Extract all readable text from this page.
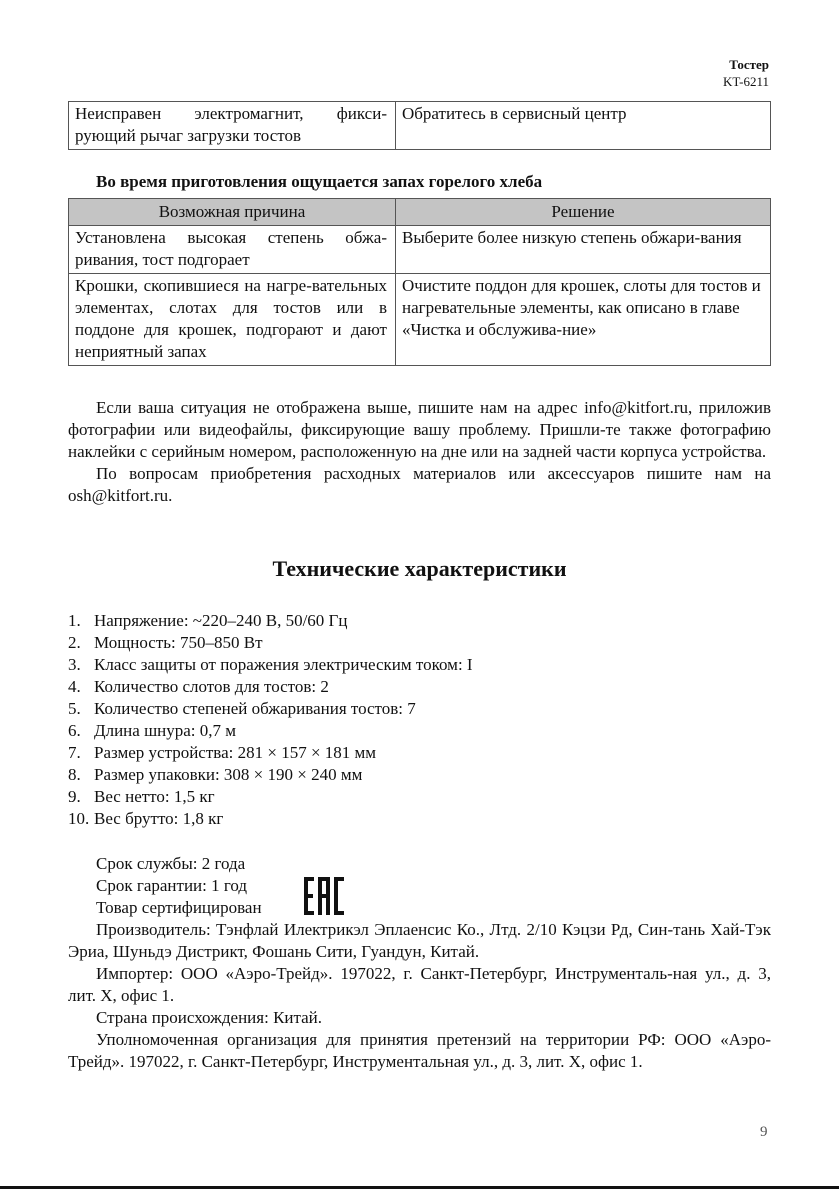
Тостер
KT-6211
Неисправен электромагнит, фикси-рующий рычаг загрузки тостов	Обратитесь в сервисный центр
Во время приготовления ощущается запах горелого хлеба
Возможная причина	Решение
Установлена высокая степень обжа-ривания, тост подгорает	Выберите более низкую степень обжари-вания
Крошки, скопившиеся на нагре-вательных элементах, слотах для тостов или в поддоне для крошек, подгорают и дают неприятный запах	Очистите поддон для крошек, слоты для тостов и нагревательные элементы, как описано в главе «Чистка и обслужива-ние»

Если ваша ситуация не отображена выше, пишите нам на адрес info@kitfort.ru, приложив фотографии или видеофайлы, фиксирующие вашу проблему. Пришли-те также фотографию наклейки с серийным номером, расположенную на дне или на задней части корпуса устройства.

По вопросам приобретения расходных материалов или аксессуаров пишите нам на osh@kitfort.ru.

Технические характеристики
1. Напряжение: ~220–240 В, 50/60 Гц
2. Мощность: 750–850 Вт
3. Класс защиты от поражения электрическим током: I
4. Количество слотов для тостов: 2
5. Количество степеней обжаривания тостов: 7
6. Длина шнура: 0,7 м
7. Размер устройства: 281 × 157 × 181 мм
8. Размер упаковки: 308 × 190 × 240 мм
9. Вес нетто: 1,5 кг
10. Вес брутто: 1,8 кг
Срок службы: 2 года
Срок гарантии: 1 год
Товар сертифицирован

Производитель: Тэнфлай Илектрикэл Эплаенсис Ко., Лтд. 2/10 Кэцзи Рд, Син-тань Хай-Тэк Эриа, Шуньдэ Дистрикт, Фошань Сити, Гуандун, Китай.

Импортер: ООО «Аэро-Трейд». 197022, г. Санкт-Петербург, Инструменталь-ная ул., д. 3, лит. Х, офис 1.

Страна происхождения: Китай.

Уполномоченная организация для принятия претензий на территории РФ: ООО «Аэро-Трейд». 197022, г. Санкт-Петербург, Инструментальная ул., д. 3, лит. Х, офис 1.

9
